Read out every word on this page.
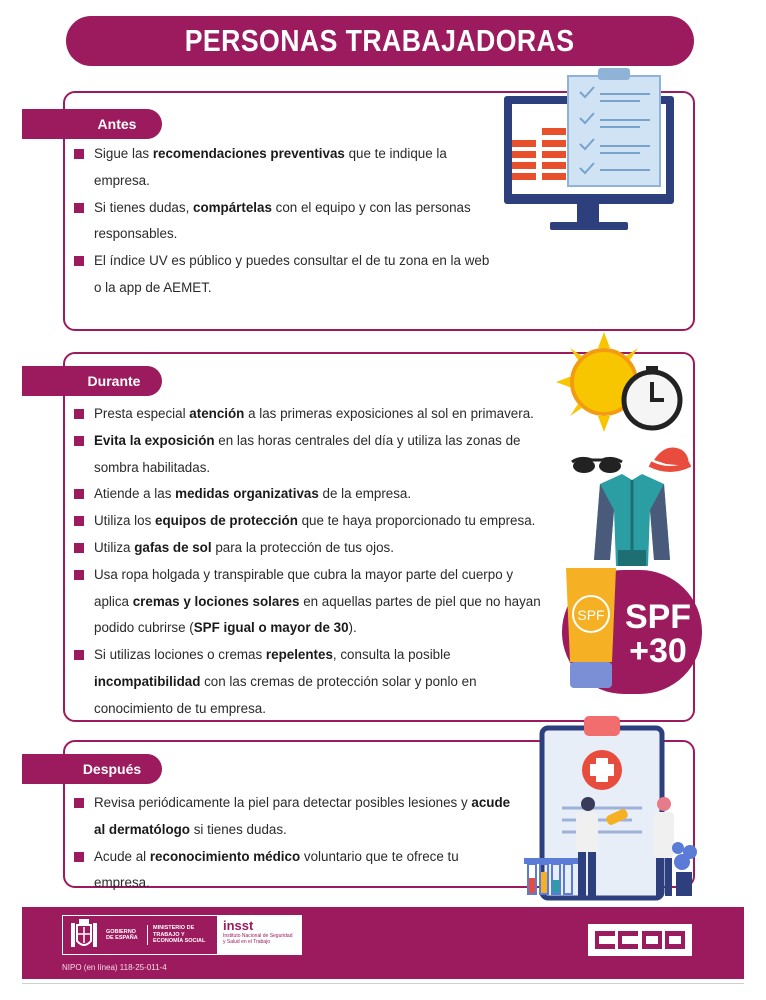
PERSONAS TRABAJADORAS
Antes
Sigue las recomendaciones preventivas que te indique la empresa.
Si tienes dudas, compártelas con el equipo y con las personas responsables.
El índice UV es público y puedes consultar el de tu zona en la web o la app de AEMET.
Durante
Presta especial atención a las primeras exposiciones al sol en primavera.
Evita la exposición en las horas centrales del día y utiliza las zonas de sombra habilitadas.
Atiende a las medidas organizativas de la empresa.
Utiliza los equipos de protección que te haya proporcionado tu empresa.
Utiliza gafas de sol para la protección de tus ojos.
Usa ropa holgada y transpirable que cubra la mayor parte del cuerpo y aplica cremas y lociones solares en aquellas partes de piel que no hayan podido cubrirse (SPF igual o mayor de 30).
Si utilizas lociones o cremas repelentes, consulta la posible incompatibilidad con las cremas de protección solar y ponlo en conocimiento de tu empresa.
SPF SPF
+30
Después
Revisa periódicamente la piel para detectar posibles lesiones y acude al dermatólogo si tienes dudas.
Acude al reconocimiento médico voluntario que te ofrece tu empresa.
GOBIERNO DE ESPAÑA
MINISTERIO DE TRABAJO Y ECONOMÍA SOCIAL
insst
Instituto Nacional de Seguridad y Salud en el Trabajo
NIPO (en línea) 118-25-011-4
